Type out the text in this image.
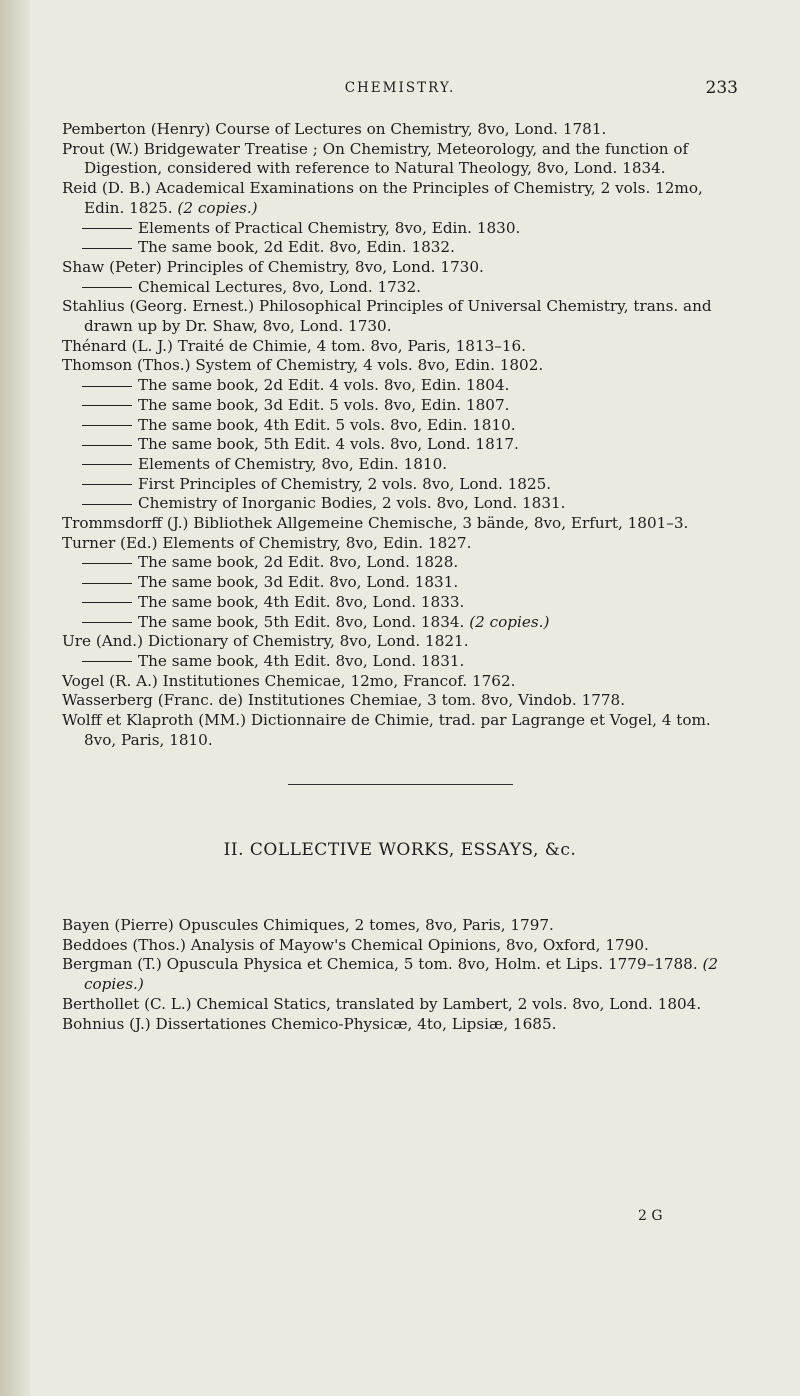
CHEMISTRY.	233
Pemberton (Henry) Course of Lectures on Chemistry, 8vo, Lond. 1781.
Prout (W.) Bridgewater Treatise ; On Chemistry, Meteorology, and the function of Digestion, considered with reference to Natural Theology, 8vo, Lond. 1834.
Reid (D. B.) Academical Examinations on the Principles of Chemistry, 2 vols. 12mo, Edin. 1825. (2 copies.)
Elements of Practical Chemistry, 8vo, Edin. 1830.
The same book, 2d Edit. 8vo, Edin. 1832.
Shaw (Peter) Principles of Chemistry, 8vo, Lond. 1730.
Chemical Lectures, 8vo, Lond. 1732.
Stahlius (Georg. Ernest.) Philosophical Principles of Universal Chemistry, trans. and drawn up by Dr. Shaw, 8vo, Lond. 1730.
Thénard (L. J.) Traité de Chimie, 4 tom. 8vo, Paris, 1813–16.
Thomson (Thos.) System of Chemistry, 4 vols. 8vo, Edin. 1802.
The same book, 2d Edit. 4 vols. 8vo, Edin. 1804.
The same book, 3d Edit. 5 vols. 8vo, Edin. 1807.
The same book, 4th Edit. 5 vols. 8vo, Edin. 1810.
The same book, 5th Edit. 4 vols. 8vo, Lond. 1817.
Elements of Chemistry, 8vo, Edin. 1810.
First Principles of Chemistry, 2 vols. 8vo, Lond. 1825.
Chemistry of Inorganic Bodies, 2 vols. 8vo, Lond. 1831.
Trommsdorff (J.) Bibliothek Allgemeine Chemische, 3 bände, 8vo, Erfurt, 1801–3.
Turner (Ed.) Elements of Chemistry, 8vo, Edin. 1827.
The same book, 2d Edit. 8vo, Lond. 1828.
The same book, 3d Edit. 8vo, Lond. 1831.
The same book, 4th Edit. 8vo, Lond. 1833.
The same book, 5th Edit. 8vo, Lond. 1834. (2 copies.)
Ure (And.) Dictionary of Chemistry, 8vo, Lond. 1821.
The same book, 4th Edit. 8vo, Lond. 1831.
Vogel (R. A.) Institutiones Chemicae, 12mo, Francof. 1762.
Wasserberg (Franc. de) Institutiones Chemiae, 3 tom. 8vo, Vindob. 1778.
Wolff et Klaproth (MM.) Dictionnaire de Chimie, trad. par Lagrange et Vogel, 4 tom. 8vo, Paris, 1810.
II. COLLECTIVE WORKS, ESSAYS, &c.
Bayen (Pierre) Opuscules Chimiques, 2 tomes, 8vo, Paris, 1797.
Beddoes (Thos.) Analysis of Mayow's Chemical Opinions, 8vo, Oxford, 1790.
Bergman (T.) Opuscula Physica et Chemica, 5 tom. 8vo, Holm. et Lips. 1779–1788. (2 copies.)
Berthollet (C. L.) Chemical Statics, translated by Lambert, 2 vols. 8vo, Lond. 1804.
Bohnius (J.) Dissertationes Chemico-Physicæ, 4to, Lipsiæ, 1685.
2 G
